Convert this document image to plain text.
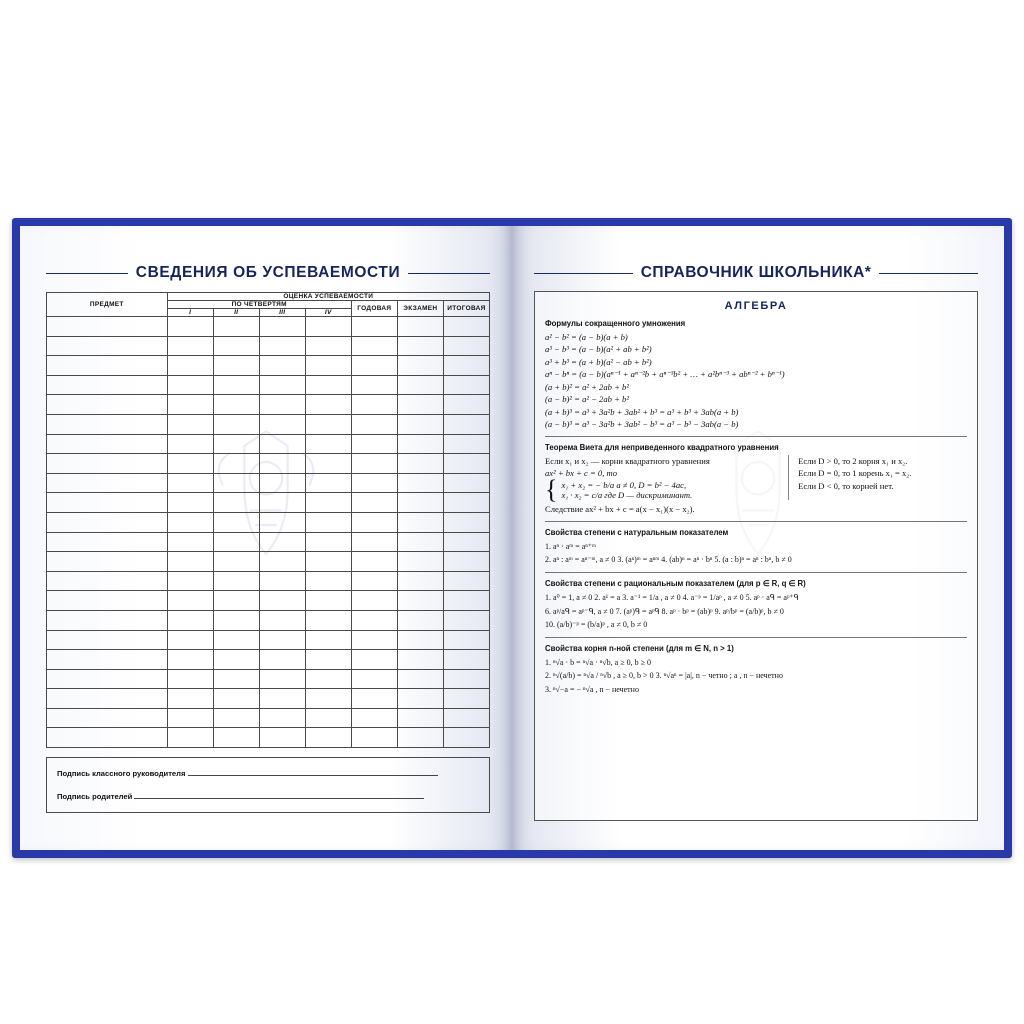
СВЕДЕНИЯ ОБ УСПЕВАЕМОСТИ
ПРЕДМЕТ	ОЦЕНКА УСПЕВАЕМОСТИ						
	ПО ЧЕТВЕРТЯМ				ГОДОВАЯ	ЭКЗАМЕН	ИТОГОВАЯ
	I	II	III	IV			

Подпись классного руководителя
Подпись родителей
СПРАВОЧНИК ШКОЛЬНИКА*
АЛГЕБРА
Формулы сокращенного умножения
a² − b² = (a − b)(a + b)
a³ − b³ = (a − b)(a² + ab + b²)
a³ + b³ = (a + b)(a² − ab + b²)
aⁿ − bⁿ = (a − b)(aⁿ⁻¹ + aⁿ⁻²b + aⁿ⁻³b² + … + a²bⁿ⁻³ + abⁿ⁻² + bⁿ⁻¹)
(a + b)² = a² + 2ab + b²
(a − b)² = a² − 2ab + b²
(a + b)³ = a³ + 3a²b + 3ab² + b³ = a³ + b³ + 3ab(a + b)
(a − b)³ = a³ − 3a²b + 3ab² − b³ = a³ − b³ − 3ab(a − b)
Теорема Виета для неприведенного квадратного уравнения
Если x₁ и x₂ — корни квадратного уравнения
ax² + bx + c = 0, то
{ x₁ + x₂ = − b/a a ≠ 0, D = b² − 4ac,
x₁ · x₂ = c/a где D — дискриминант.
Если D > 0, то 2 корня x₁ и x₂.
Если D = 0, то 1 корень x₁ = x₂.
Если D < 0, то корней нет.
Следствие ax² + bx + c = a(x − x₁)(x − x₂).
Свойства степени с натуральным показателем
1. aⁿ · aᵐ = aⁿ⁺ᵐ
2. aⁿ : aᵐ = aⁿ⁻ᵐ, a ≠ 0 3. (aⁿ)ᵐ = aⁿᵐ 4. (ab)ⁿ = aⁿ · bⁿ 5. (a : b)ⁿ = aⁿ : bⁿ, b ≠ 0
Свойства степени с рациональным показателем (для p ∈ R, q ∈ R)
1. a⁰ = 1, a ≠ 0 2. a¹ = a 3. a⁻¹ = 1/a , a ≠ 0 4. a⁻ᵖ = 1/aᵖ , a ≠ 0 5. aᵖ · aᑫ = aᵖ⁺ᑫ
6. aᵖ/aᑫ = aᵖ⁻ᑫ, a ≠ 0 7. (aᵖ)ᑫ = aᵖᑫ 8. aᵖ · bᵖ = (ab)ᵖ 9. aᵖ/bᵖ = (a/b)ᵖ, b ≠ 0
10. (a/b)⁻ᵖ = (b/a)ᵖ , a ≠ 0, b ≠ 0
Свойства корня n-ной степени (для m ∈ N, n > 1)
1. ⁿ√a · b = ⁿ√a · ⁿ√b, a ≥ 0, b ≥ 0
2. ⁿ√(a/b) = ⁿ√a / ⁿ√b , a ≥ 0, b > 0 3. ⁿ√aⁿ = |a|, n − четно ; a , n − нечетно
3. ⁿ√−a = − ⁿ√a , n − нечетно
